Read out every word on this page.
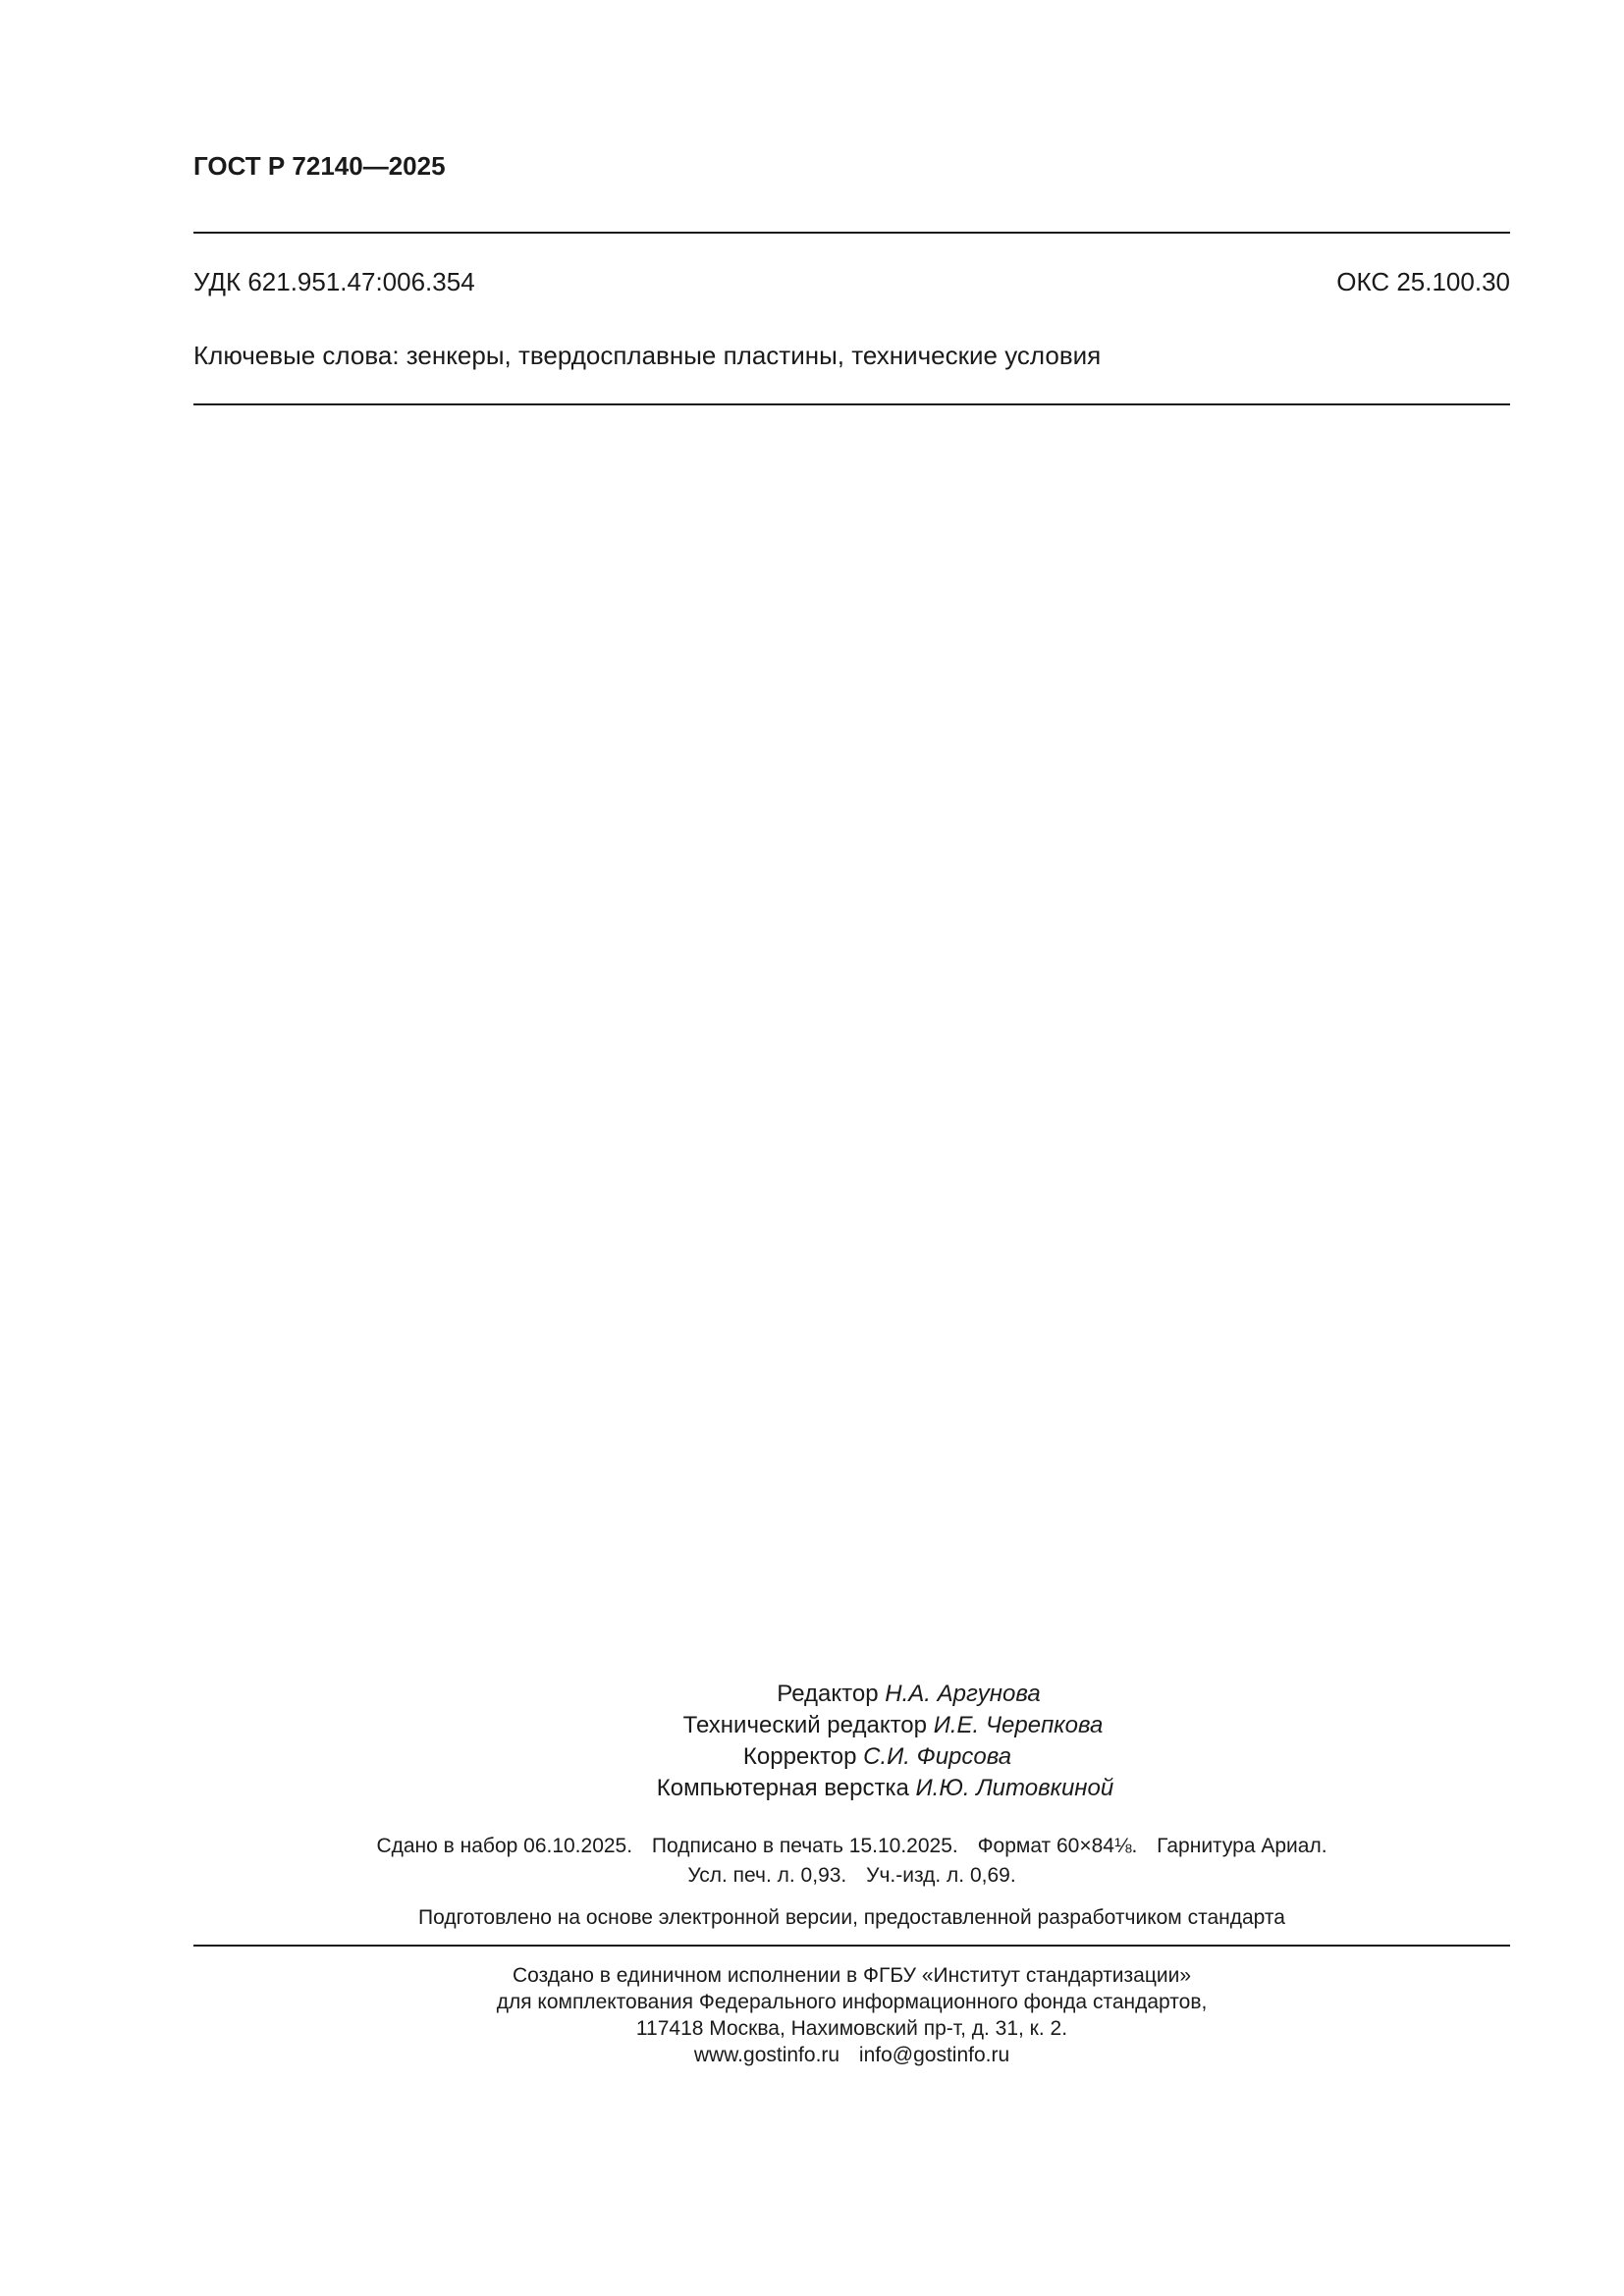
ГОСТ Р 72140—2025
УДК 621.951.47:006.354	ОКС 25.100.30
Ключевые слова: зенкеры, твердосплавные пластины, технические условия
Редактор Н.А. Аргунова
Технический редактор И.Е. Черепкова
Корректор С.И. Фирсова
Компьютерная верстка И.Ю. Литовкиной
Сдано в набор 06.10.2025. Подписано в печать 15.10.2025. Формат 60×84⅛. Гарнитура Ариал.
Усл. печ. л. 0,93. Уч.-изд. л. 0,69.
Подготовлено на основе электронной версии, предоставленной разработчиком стандарта
Создано в единичном исполнении в ФГБУ «Институт стандартизации»
для комплектования Федерального информационного фонда стандартов,
117418 Москва, Нахимовский пр-т, д. 31, к. 2.
www.gostinfo.ru info@gostinfo.ru
